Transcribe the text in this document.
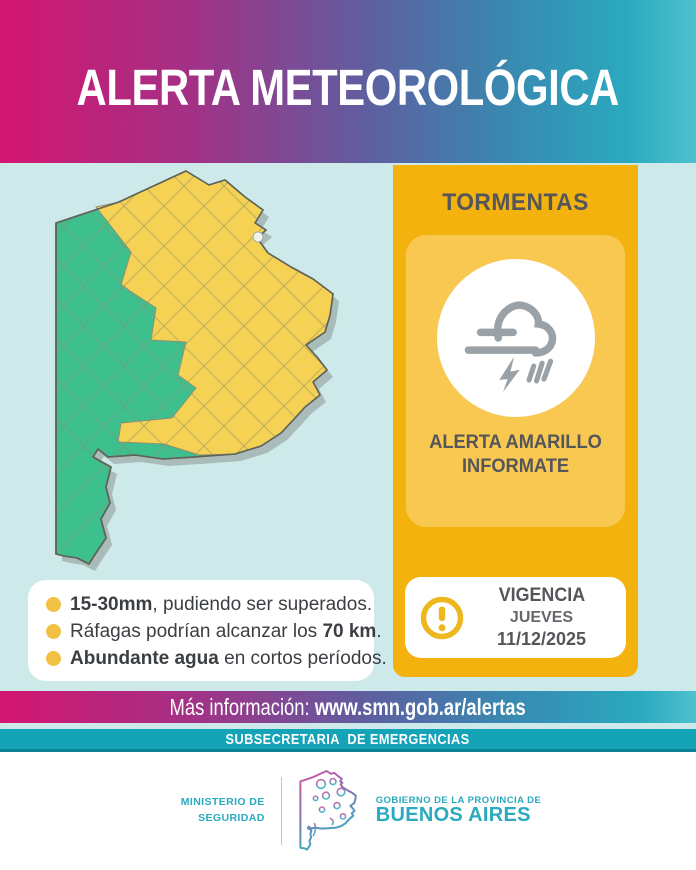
ALERTA METEOROLÓGICA
TORMENTAS
ALERTA AMARILLO
INFORMATE
VIGENCIA
JUEVES
11/12/2025
15-30mm, pudiendo ser superados.
Ráfagas podrían alcanzar los 70 km.
Abundante agua en cortos períodos.
Más información: www.smn.gob.ar/alertas
SUBSECRETARIA  DE EMERGENCIAS
MINISTERIO DE
SEGURIDAD
GOBIERNO DE LA PROVINCIA DE
BUENOS AIRES
